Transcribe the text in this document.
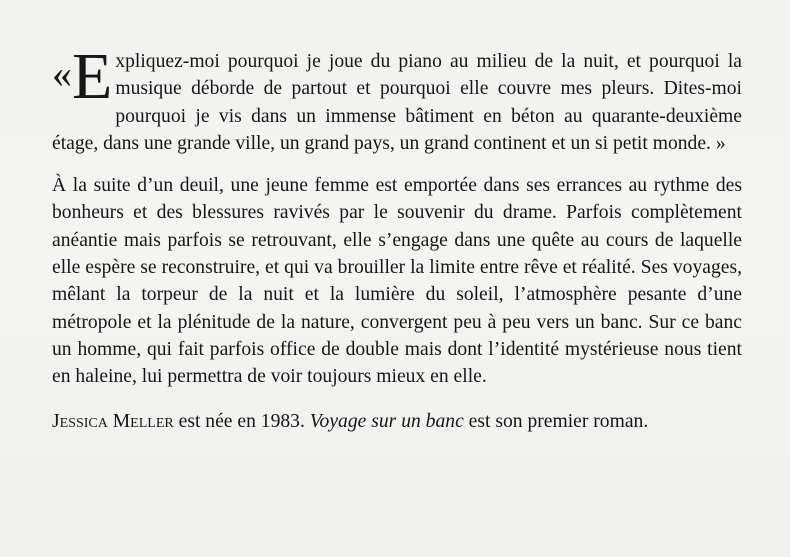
« E xpliquez-moi pourquoi je joue du piano au milieu de la nuit, et pourquoi la musique déborde de partout et pourquoi elle couvre mes pleurs. Dites-moi pourquoi je vis dans un immense bâtiment en béton au quarante-deuxième étage, dans une grande ville, un grand pays, un grand continent et un si petit monde. »

À la suite d’un deuil, une jeune femme est emportée dans ses errances au rythme des bonheurs et des blessures ravivés par le souvenir du drame. Parfois complètement anéantie mais parfois se retrouvant, elle s’engage dans une quête au cours de laquelle elle espère se reconstruire, et qui va brouiller la limite entre rêve et réalité. Ses voyages, mêlant la torpeur de la nuit et la lumière du soleil, l’atmosphère pesante d’une métropole et la plénitude de la nature, convergent peu à peu vers un banc. Sur ce banc un homme, qui fait parfois office de double mais dont l’identité mystérieuse nous tient en haleine, lui permettra de voir toujours mieux en elle.

Jessica Meller est née en 1983. Voyage sur un banc est son premier roman.
